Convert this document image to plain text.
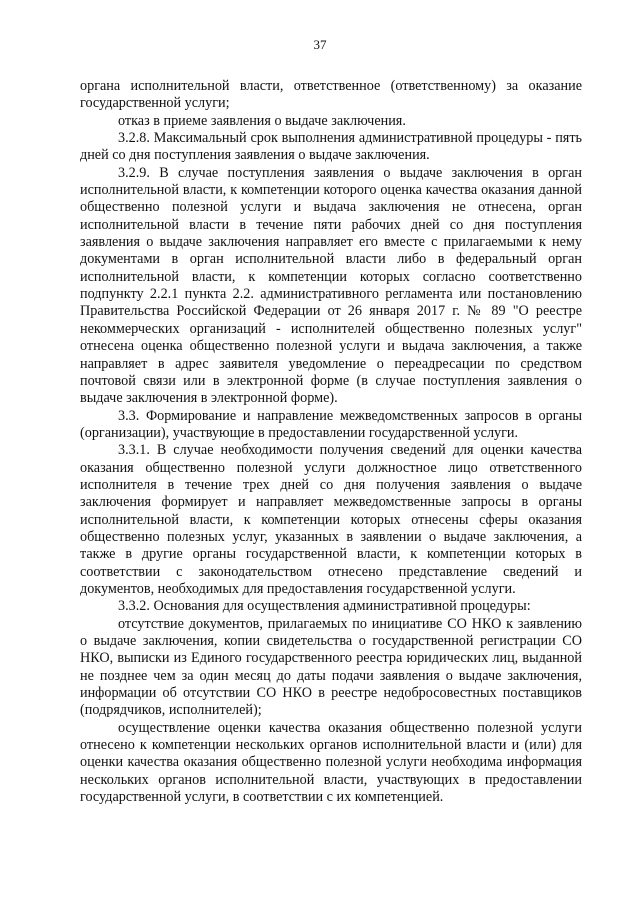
37

органа исполнительной власти, ответственное (ответственному) за оказание государственной услуги;

отказ в приеме заявления о выдаче заключения.

3.2.8. Максимальный срок выполнения административной процедуры - пять дней со дня поступления заявления о выдаче заключения.

3.2.9. В случае поступления заявления о выдаче заключения в орган исполнительной власти, к компетенции которого оценка качества оказания данной общественно полезной услуги и выдача заключения не отнесена, орган исполнительной власти в течение пяти рабочих дней со дня поступления заявления о выдаче заключения направляет его вместе с прилагаемыми к нему документами в орган исполнительной власти либо в федеральный орган исполнительной власти, к компетенции которых согласно соответственно подпункту 2.2.1 пункта 2.2. административного регламента или постановлению Правительства Российской Федерации от 26 января 2017 г. № 89 "О реестре некоммерческих организаций - исполнителей общественно полезных услуг" отнесена оценка общественно полезной услуги и выдача заключения, а также направляет в адрес заявителя уведомление о переадресации по средством почтовой связи или в электронной форме (в случае поступления заявления о выдаче заключения в электронной форме).

3.3. Формирование и направление межведомственных запросов в органы (организации), участвующие в предоставлении государственной услуги.

3.3.1. В случае необходимости получения сведений для оценки качества оказания общественно полезной услуги должностное лицо ответственного исполнителя в течение трех дней со дня получения заявления о выдаче заключения формирует и направляет межведомственные запросы в органы исполнительной власти, к компетенции которых отнесены сферы оказания общественно полезных услуг, указанных в заявлении о выдаче заключения, а также в другие органы государственной власти, к компетенции которых в соответствии с законодательством отнесено представление сведений и документов, необходимых для предоставления государственной услуги.

3.3.2. Основания для осуществления административной процедуры:

отсутствие документов, прилагаемых по инициативе СО НКО к заявлению о выдаче заключения, копии свидетельства о государственной регистрации СО НКО, выписки из Единого государственного реестра юридических лиц, выданной не позднее чем за один месяц до даты подачи заявления о выдаче заключения, информации об отсутствии СО НКО в реестре недобросовестных поставщиков (подрядчиков, исполнителей);

осуществление оценки качества оказания общественно полезной услуги отнесено к компетенции нескольких органов исполнительной власти и (или) для оценки качества оказания общественно полезной услуги необходима информация нескольких органов исполнительной власти, участвующих в предоставлении государственной услуги, в соответствии с их компетенцией.
